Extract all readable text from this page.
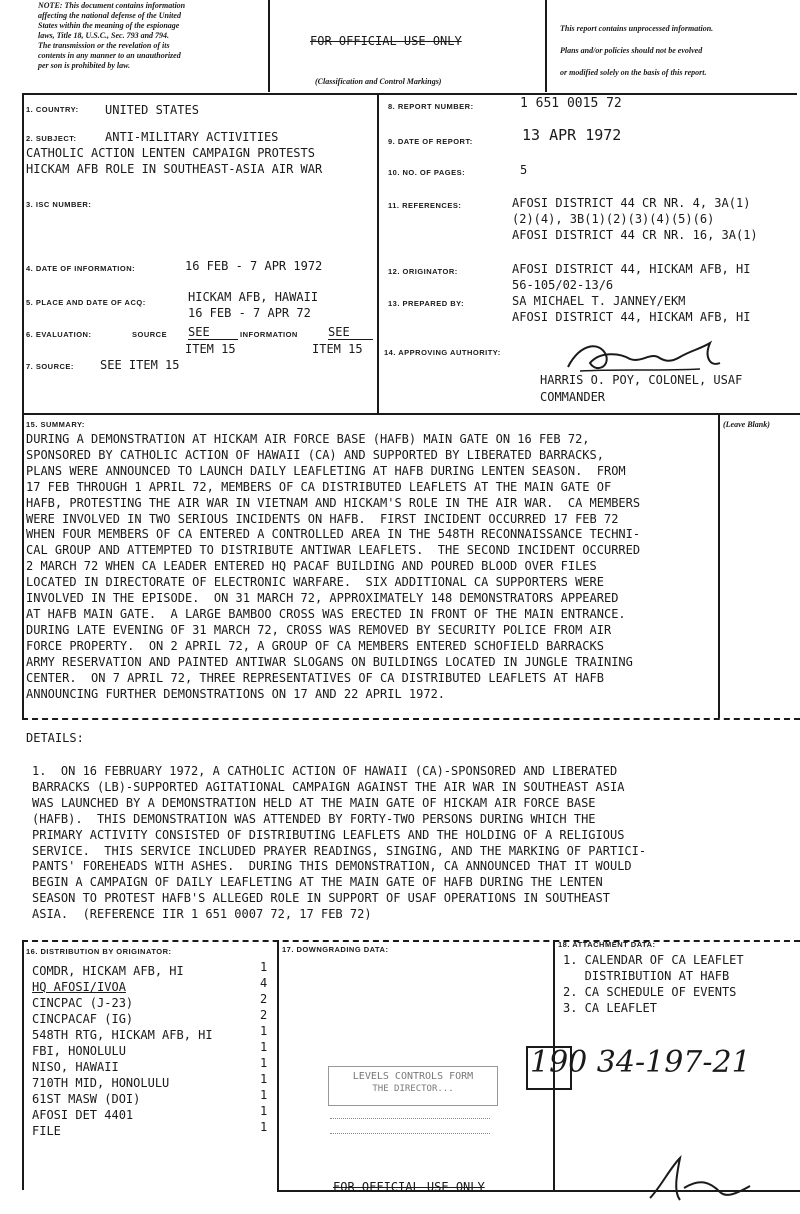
NOTE: This document contains information
affecting the national defense of the United
States within the meaning of the espionage
laws, Title 18, U.S.C., Sec. 793 and 794.
The transmission or the revelation of its
contents in any manner to an unauthorized
per son is prohibited by law.
FOR OFFICIAL USE ONLY
(Classification and Control Markings)
This report contains unprocessed information.
Plans and/or policies should not be evolved
or modified solely on the basis of this report.
1. COUNTRY: UNITED STATES
2. SUBJECT: ANTI-MILITARY ACTIVITIES
CATHOLIC ACTION LENTEN CAMPAIGN PROTESTS
HICKAM AFB ROLE IN SOUTHEAST-ASIA AIR WAR
3. ISC NUMBER:
4. DATE OF INFORMATION:	16 FEB - 7 APR 1972
5. PLACE AND DATE OF ACQ:	HICKAM AFB, HAWAII
16 FEB - 7 APR 72
6. EVALUATION:	SOURCE SEE	INFORMATION	SEE
ITEM 15	ITEM 15
7. SOURCE: SEE ITEM 15
8. REPORT NUMBER:	1 651 0015 72
9. DATE OF REPORT:	13 APR 1972
10. NO. OF PAGES:	5
11. REFERENCES:	AFOSI DISTRICT 44 CR NR. 4, 3A(1)
(2)(4), 3B(1)(2)(3)(4)(5)(6)
AFOSI DISTRICT 44 CR NR. 16, 3A(1)
12. ORIGINATOR:	AFOSI DISTRICT 44, HICKAM AFB, HI
56-105/02-13/6
13. PREPARED BY:	SA MICHAEL T. JANNEY/EKM
AFOSI DISTRICT 44, HICKAM AFB, HI
14. APPROVING AUTHORITY:
HARRIS O. POY, COLONEL, USAF
COMMANDER
15. SUMMARY:	(Leave Blank)
DURING A DEMONSTRATION AT HICKAM AIR FORCE BASE (HAFB) MAIN GATE ON 16 FEB 72,
SPONSORED BY CATHOLIC ACTION OF HAWAII (CA) AND SUPPORTED BY LIBERATED BARRACKS,
PLANS WERE ANNOUNCED TO LAUNCH DAILY LEAFLETING AT HAFB DURING LENTEN SEASON.  FROM
17 FEB THROUGH 1 APRIL 72, MEMBERS OF CA DISTRIBUTED LEAFLETS AT THE MAIN GATE OF
HAFB, PROTESTING THE AIR WAR IN VIETNAM AND HICKAM'S ROLE IN THE AIR WAR.  CA MEMBERS
WERE INVOLVED IN TWO SERIOUS INCIDENTS ON HAFB.  FIRST INCIDENT OCCURRED 17 FEB 72
WHEN FOUR MEMBERS OF CA ENTERED A CONTROLLED AREA IN THE 548TH RECONNAISSANCE TECHNI-
CAL GROUP AND ATTEMPTED TO DISTRIBUTE ANTIWAR LEAFLETS.  THE SECOND INCIDENT OCCURRED
2 MARCH 72 WHEN CA LEADER ENTERED HQ PACAF BUILDING AND POURED BLOOD OVER FILES
LOCATED IN DIRECTORATE OF ELECTRONIC WARFARE.  SIX ADDITIONAL CA SUPPORTERS WERE
INVOLVED IN THE EPISODE.  ON 31 MARCH 72, APPROXIMATELY 148 DEMONSTRATORS APPEARED
AT HAFB MAIN GATE.  A LARGE BAMBOO CROSS WAS ERECTED IN FRONT OF THE MAIN ENTRANCE.
DURING LATE EVENING OF 31 MARCH 72, CROSS WAS REMOVED BY SECURITY POLICE FROM AIR
FORCE PROPERTY.  ON 2 APRIL 72, A GROUP OF CA MEMBERS ENTERED SCHOFIELD BARRACKS
ARMY RESERVATION AND PAINTED ANTIWAR SLOGANS ON BUILDINGS LOCATED IN JUNGLE TRAINING
CENTER.  ON 7 APRIL 72, THREE REPRESENTATIVES OF CA DISTRIBUTED LEAFLETS AT HAFB
ANNOUNCING FURTHER DEMONSTRATIONS ON 17 AND 22 APRIL 1972.
DETAILS:
1.  ON 16 FEBRUARY 1972, A CATHOLIC ACTION OF HAWAII (CA)-SPONSORED AND LIBERATED
BARRACKS (LB)-SUPPORTED AGITATIONAL CAMPAIGN AGAINST THE AIR WAR IN SOUTHEAST ASIA
WAS LAUNCHED BY A DEMONSTRATION HELD AT THE MAIN GATE OF HICKAM AIR FORCE BASE
(HAFB).  THIS DEMONSTRATION WAS ATTENDED BY FORTY-TWO PERSONS DURING WHICH THE
PRIMARY ACTIVITY CONSISTED OF DISTRIBUTING LEAFLETS AND THE HOLDING OF A RELIGIOUS
SERVICE.  THIS SERVICE INCLUDED PRAYER READINGS, SINGING, AND THE MARKING OF PARTICI-
PANTS' FOREHEADS WITH ASHES.  DURING THIS DEMONSTRATION, CA ANNOUNCED THAT IT WOULD
BEGIN A CAMPAIGN OF DAILY LEAFLETING AT THE MAIN GATE OF HAFB DURING THE LENTEN
SEASON TO PROTEST HAFB'S ALLEGED ROLE IN SUPPORT OF USAF OPERATIONS IN SOUTHEAST
ASIA.  (REFERENCE IIR 1 651 0007 72, 17 FEB 72)
16. DISTRIBUTION BY ORIGINATOR:
COMDR, HICKAM AFB, HI	1
HQ AFOSI/IVOA	4
CINCPAC (J-23)	2
CINCPACAF (IG)	2
548TH RTG, HICKAM AFB, HI	1
FBI, HONOLULU	1
NISO, HAWAII	1
710TH MID, HONOLULU	1
61ST MASW (DOI)	1
AFOSI DET 4401	1
FILE	1
17. DOWNGRADING DATA:
LEVELS CONTROLS FORM
THE DIRECTOR...
190 34-197-21
18. ATTACHMENT DATA:
1. CALENDAR OF CA LEAFLET
DISTRIBUTION AT HAFB
2. CA SCHEDULE OF EVENTS
3. CA LEAFLET
FOR OFFICIAL USE ONLY
